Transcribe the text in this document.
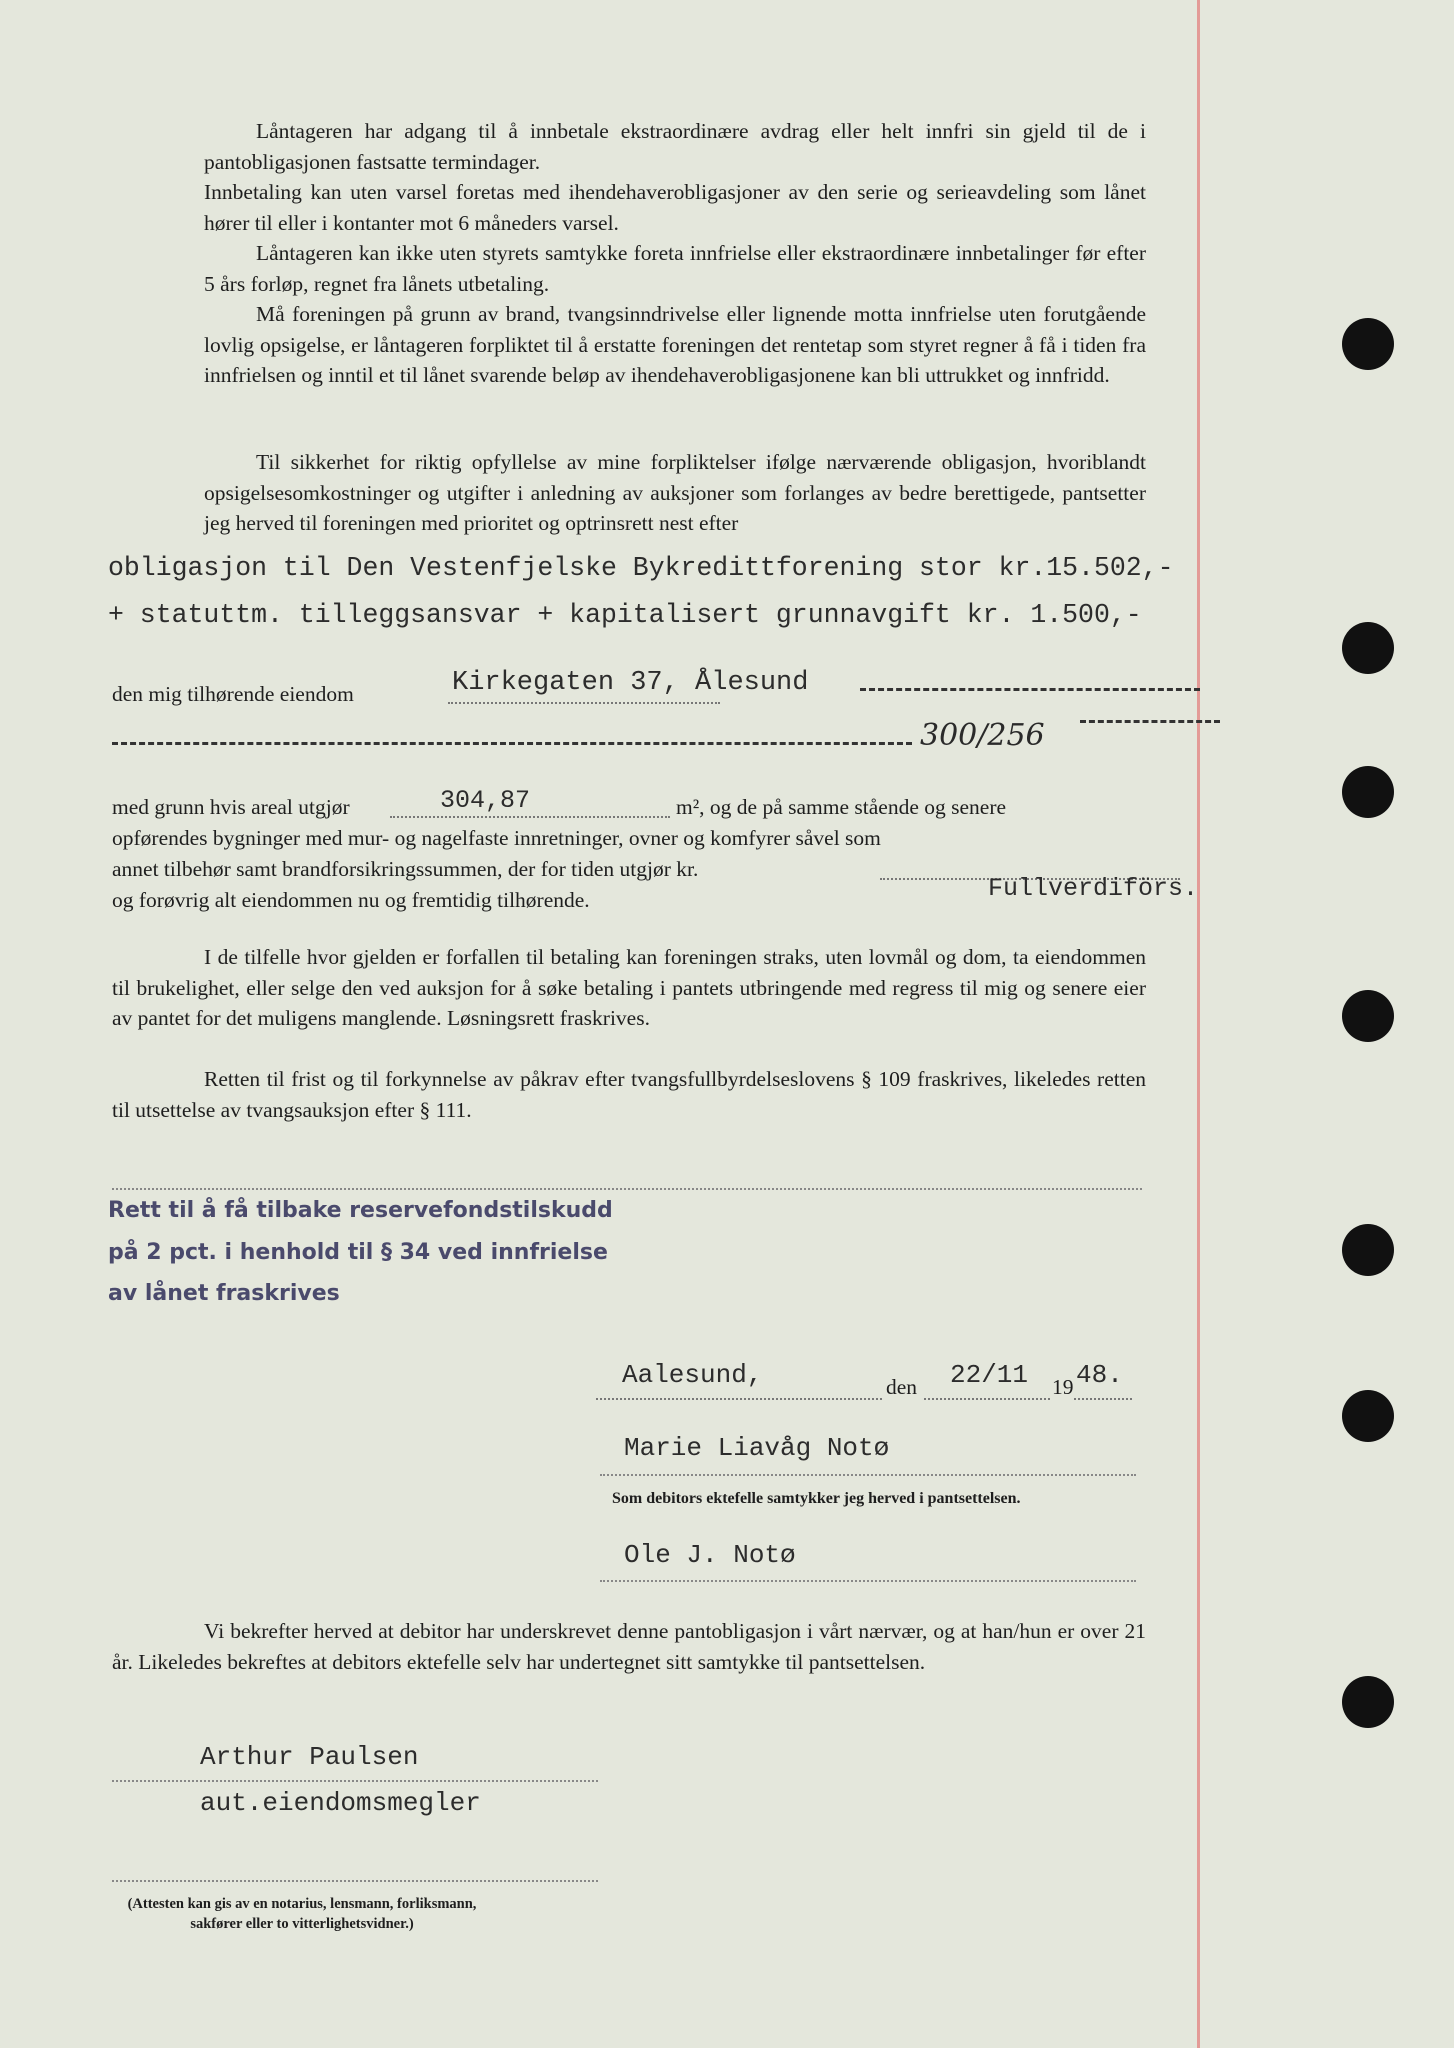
Låntageren har adgang til å innbetale ekstraordinære avdrag eller helt innfri sin gjeld til de i pantobligasjonen fastsatte termindager.
Innbetaling kan uten varsel foretas med ihendehaverobligasjoner av den serie og serieavdeling som lånet hører til eller i kontanter mot 6 måneders varsel.
Låntageren kan ikke uten styrets samtykke foreta innfrielse eller ekstraordinære innbetalinger før efter 5 års forløp, regnet fra lånets utbetaling.
Må foreningen på grunn av brand, tvangsinndrivelse eller lignende motta innfrielse uten forutgående lovlig opsigelse, er låntageren forpliktet til å erstatte foreningen det rentetap som styret regner å få i tiden fra innfrielsen og inntil et til lånet svarende beløp av ihendehaverobligasjonene kan bli uttrukket og innfridd.
Til sikkerhet for riktig opfyllelse av mine forpliktelser ifølge nærværende obligasjon, hvoriblandt opsigelsesomkostninger og utgifter i anledning av auksjoner som forlanges av bedre berettigede, pantsetter jeg herved til foreningen med prioritet og optrinsrett nest efter
obligasjon til Den Vestenfjelske Bykredittforening stor kr.15.502,-
+ statuttm. tilleggsansvar + kapitalisert grunnavgift kr. 1.500,-
den mig tilhørende eiendom	Kirkegaten 37, Ålesund
300/256
med grunn hvis areal utgjør	304,87	m², og de på samme stående og senere
opførendes bygninger med mur- og nagelfaste innretninger, ovner og komfyrer såvel som
annet tilbehør samt brandforsikringssummen, der for tiden utgjør kr.
Fullverdiförs.
og forøvrig alt eiendommen nu og fremtidig tilhørende.
I de tilfelle hvor gjelden er forfallen til betaling kan foreningen straks, uten lovmål og dom, ta eiendommen til brukelighet, eller selge den ved auksjon for å søke betaling i pantets utbringende med regress til mig og senere eier av pantet for det muligens manglende. Løsningsrett fraskrives.
Retten til frist og til forkynnelse av påkrav efter tvangsfullbyrdelseslovens § 109 fraskrives, likeledes retten til utsettelse av tvangsauksjon efter § 111.
Rett til å få tilbake reservefondstilskudd
på 2 pct. i henhold til § 34 ved innfrielse
av lånet fraskrives
Aalesund,	den 22/11 19 48.
Marie Liavåg Notø
Som debitors ektefelle samtykker jeg herved i pantsettelsen.
Ole J. Notø
Vi bekrefter herved at debitor har underskrevet denne pantobligasjon i vårt nærvær, og at han/hun er over 21 år. Likeledes bekreftes at debitors ektefelle selv har undertegnet sitt samtykke til pantsettelsen.
Arthur Paulsen
aut.eiendomsmegler
(Attesten kan gis av en notarius, lensmann, forliksmann, sakfører eller to vitterlighetsvidner.)
